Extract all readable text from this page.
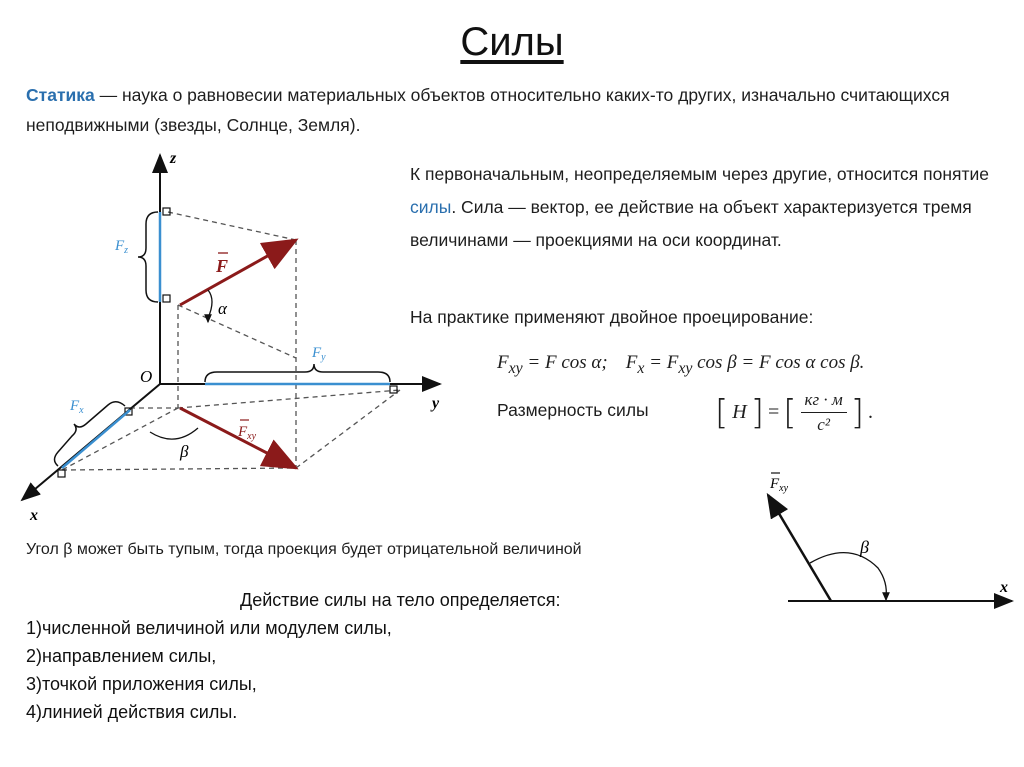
Силы
Статика — наука о равновесии материальных объектов относительно каких-то других, изначально считающихся неподвижными (звезды, Солнце, Земля).
К первоначальным, неопределяемым через другие, относится понятие силы. Сила — вектор, ее действие на объект характеризуется тремя величинами — проекциями на оси координат.
На практике применяют двойное проецирование:
$F_{xy} = F$ cos α; $F_x = F_{xy}$ cos β = F cos α cos β.
Размерность силы [ H ] = [ $\frac{кг \cdot м}{\text{с²}}$ ] .
Угол β может быть тупым, тогда проекция будет отрицательной величиной
Действие силы на тело определяется:
1)численной величиной или модулем силы,
2)направлением силы,
3)точкой приложения силы,
4)линией действия силы.
z
y
x
O
F
$F_z$
$F_y$
$F_x$
$F_{xy}$
α
β
$F_{xy}$
β
x
